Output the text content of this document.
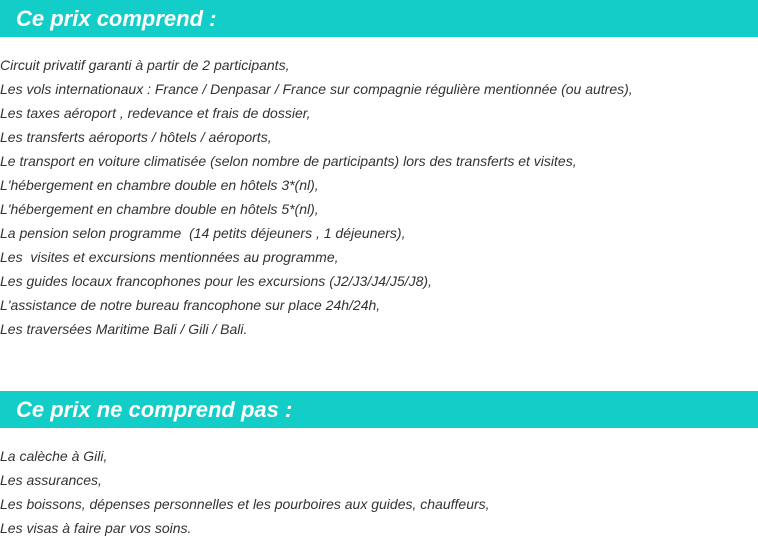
Ce prix comprend :
Circuit privatif garanti à partir de 2 participants,
Les vols internationaux : France / Denpasar / France sur compagnie régulière mentionnée (ou autres),
Les taxes aéroport , redevance et frais de dossier,
Les transferts aéroports / hôtels / aéroports,
Le transport en voiture climatisée (selon nombre de participants) lors des transferts et visites,
L'hébergement en chambre double en hôtels 3*(nl),
L'hébergement en chambre double en hôtels 5*(nl),
La pension selon programme  (14 petits déjeuners , 1 déjeuners),
Les  visites et excursions mentionnées au programme,
Les guides locaux francophones pour les excursions (J2/J3/J4/J5/J8),
L'assistance de notre bureau francophone sur place 24h/24h,
Les traversées Maritime Bali / Gili / Bali.
Ce prix ne comprend pas :
La calèche à Gili,
Les assurances,
Les boissons, dépenses personnelles et les pourboires aux guides, chauffeurs,
Les visas à faire par vos soins.
